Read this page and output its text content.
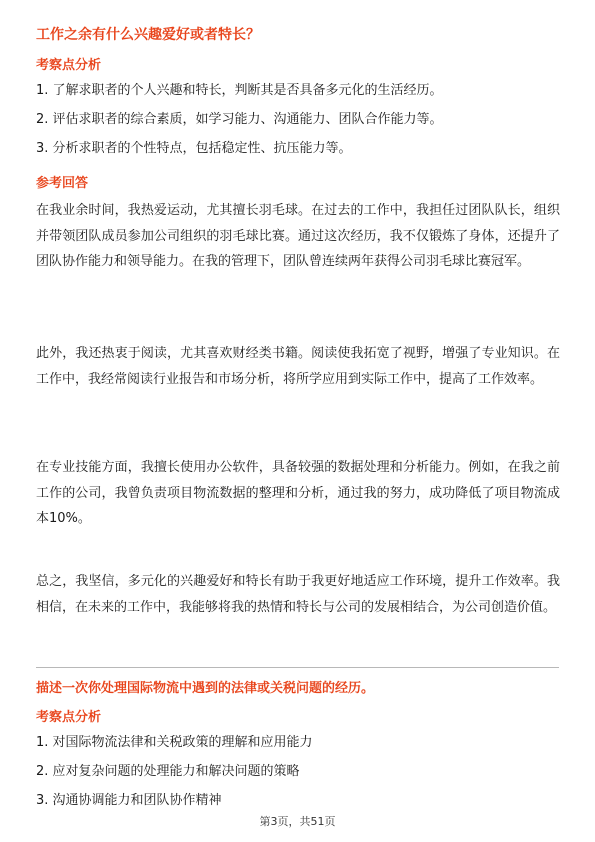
工作之余有什么兴趣爱好或者特长？
考察点分析
1. 了解求职者的个人兴趣和特长，判断其是否具备多元化的生活经历。
2. 评估求职者的综合素质，如学习能力、沟通能力、团队合作能力等。
3. 分析求职者的个性特点，包括稳定性、抗压能力等。
参考回答
在我业余时间，我热爱运动，尤其擅长羽毛球。在过去的工作中，我担任过团队队长，组织并带领团队成员参加公司组织的羽毛球比赛。通过这次经历，我不仅锻炼了身体，还提升了团队协作能力和领导能力。在我的管理下，团队曾连续两年获得公司羽毛球比赛冠军。
此外，我还热衷于阅读，尤其喜欢财经类书籍。阅读使我拓宽了视野，增强了专业知识。在工作中，我经常阅读行业报告和市场分析，将所学应用到实际工作中，提高了工作效率。
在专业技能方面，我擅长使用办公软件，具备较强的数据处理和分析能力。例如，在我之前工作的公司，我曾负责项目物流数据的整理和分析，通过我的努力，成功降低了项目物流成本10%。
总之，我坚信，多元化的兴趣爱好和特长有助于我更好地适应工作环境，提升工作效率。我相信，在未来的工作中，我能够将我的热情和特长与公司的发展相结合，为公司创造价值。
描述一次你处理国际物流中遇到的法律或关税问题的经历。
考察点分析
1. 对国际物流法律和关税政策的理解和应用能力
2. 应对复杂问题的处理能力和解决问题的策略
3. 沟通协调能力和团队协作精神
第3页，共51页
